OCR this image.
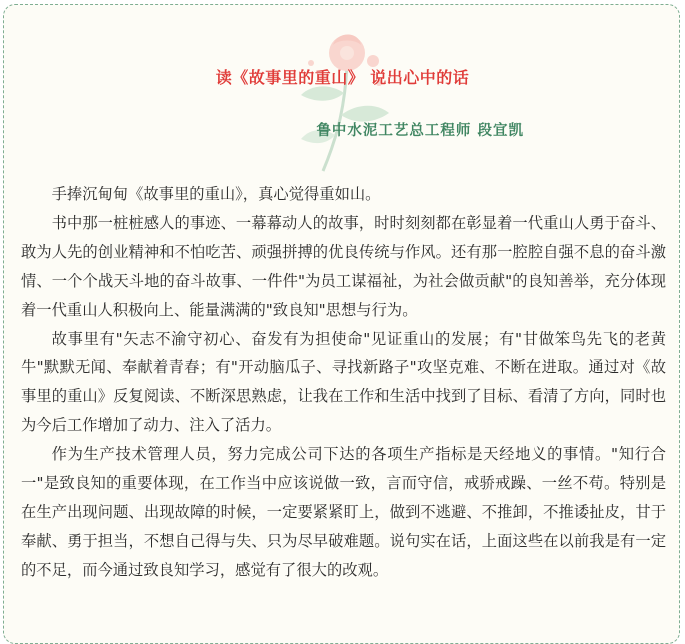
读《故事里的重山》 说出心中的话
鲁中水泥工艺总工程师 段宜凯

手捧沉甸甸《故事里的重山》，真心觉得重如山。

书中那一桩桩感人的事迹、一幕幕动人的故事，时时刻刻都在彰显着一代重山人勇于奋斗、敢为人先的创业精神和不怕吃苦、顽强拼搏的优良传统与作风。还有那一腔腔自强不息的奋斗激情、一个个战天斗地的奋斗故事、一件件"为员工谋福祉，为社会做贡献"的良知善举，充分体现着一代重山人积极向上、能量满满的"致良知"思想与行为。

故事里有"矢志不渝守初心、奋发有为担使命"见证重山的发展；有"甘做笨鸟先飞的老黄牛"默默无闻、奉献着青春；有"开动脑瓜子、寻找新路子"攻坚克难、不断在进取。通过对《故事里的重山》反复阅读、不断深思熟虑，让我在工作和生活中找到了目标、看清了方向，同时也为今后工作增加了动力、注入了活力。

作为生产技术管理人员，努力完成公司下达的各项生产指标是天经地义的事情。"知行合一"是致良知的重要体现，在工作当中应该说做一致，言而守信，戒骄戒躁、一丝不苟。特别是在生产出现问题、出现故障的时候，一定要紧紧盯上，做到不逃避、不推卸，不推诿扯皮，甘于奉献、勇于担当，不想自己得与失、只为尽早破难题。说句实在话，上面这些在以前我是有一定的不足，而今通过致良知学习，感觉有了很大的改观。
